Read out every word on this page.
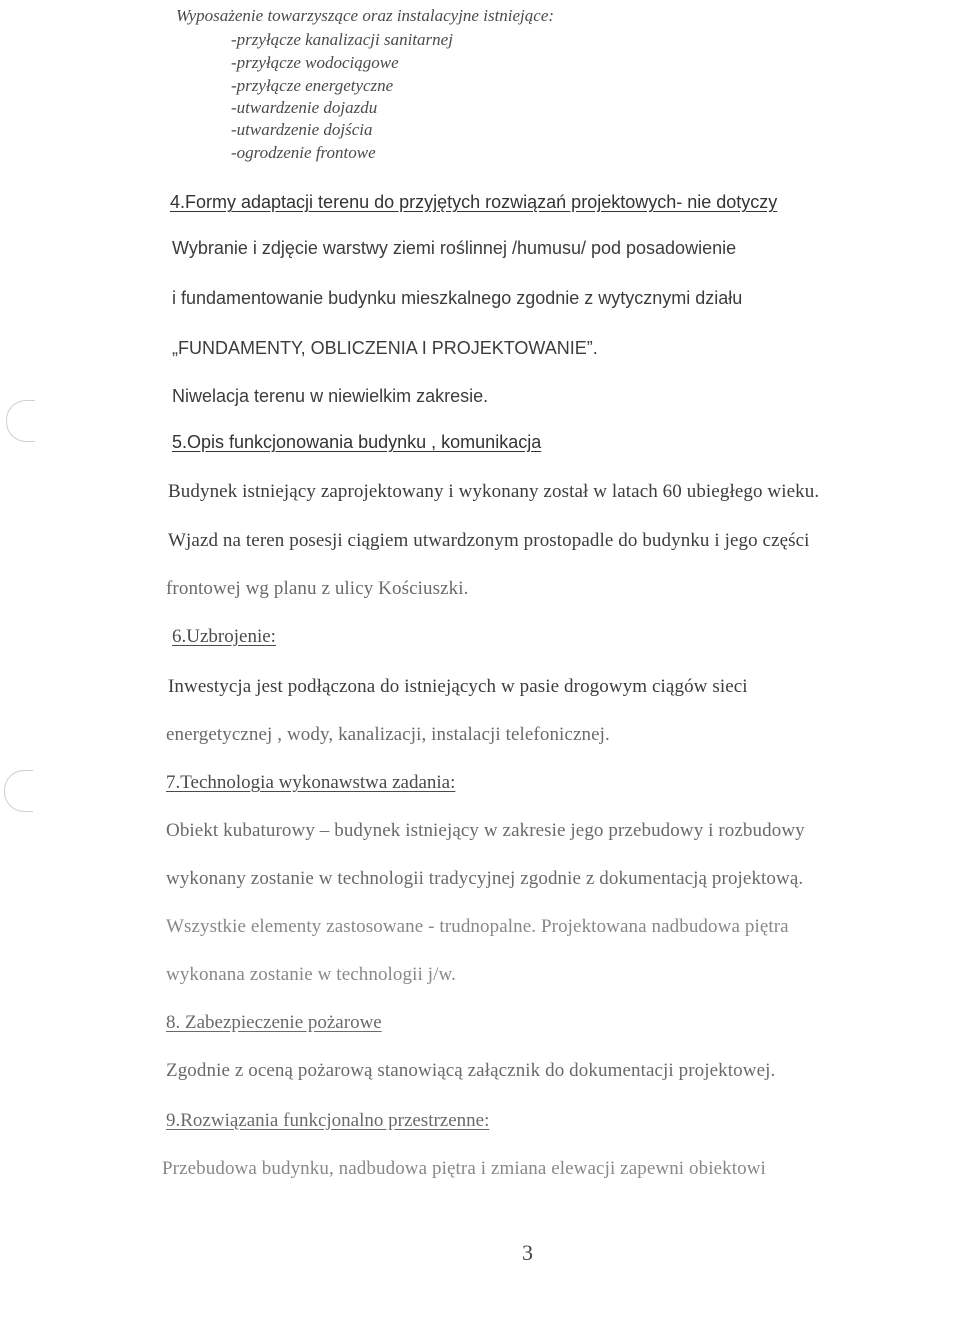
Wyposażenie towarzyszące oraz instalacyjne istniejące:

-przyłącze kanalizacji sanitarnej

-przyłącze wodociągowe

-przyłącze energetyczne

-utwardzenie dojazdu

-utwardzenie dojścia

-ogrodzenie frontowe

4.Formy adaptacji terenu do przyjętych rozwiązań projektowych- nie dotyczy

Wybranie i zdjęcie warstwy ziemi roślinnej /humusu/ pod posadowienie

i fundamentowanie budynku mieszkalnego zgodnie z wytycznymi działu

„FUNDAMENTY, OBLICZENIA I PROJEKTOWANIE”.

Niwelacja terenu w niewielkim zakresie.

5.Opis funkcjonowania budynku , komunikacja

Budynek istniejący zaprojektowany i wykonany został w latach 60 ubiegłego wieku.

Wjazd na teren posesji ciągiem utwardzonym prostopadle do budynku i jego części

frontowej wg planu z ulicy Kościuszki.

6.Uzbrojenie:

Inwestycja jest podłączona do istniejących w pasie drogowym ciągów sieci

energetycznej , wody, kanalizacji, instalacji telefonicznej.

7.Technologia wykonawstwa zadania:

Obiekt kubaturowy – budynek istniejący w zakresie jego przebudowy i rozbudowy

wykonany zostanie w technologii tradycyjnej zgodnie z dokumentacją projektową.

Wszystkie elementy zastosowane - trudnopalne. Projektowana nadbudowa piętra

wykonana zostanie w technologii j/w.

8. Zabezpieczenie pożarowe

Zgodnie z oceną pożarową stanowiącą załącznik do dokumentacji projektowej.

9.Rozwiązania funkcjonalno przestrzenne:

Przebudowa budynku, nadbudowa piętra i zmiana elewacji zapewni obiektowi

3
